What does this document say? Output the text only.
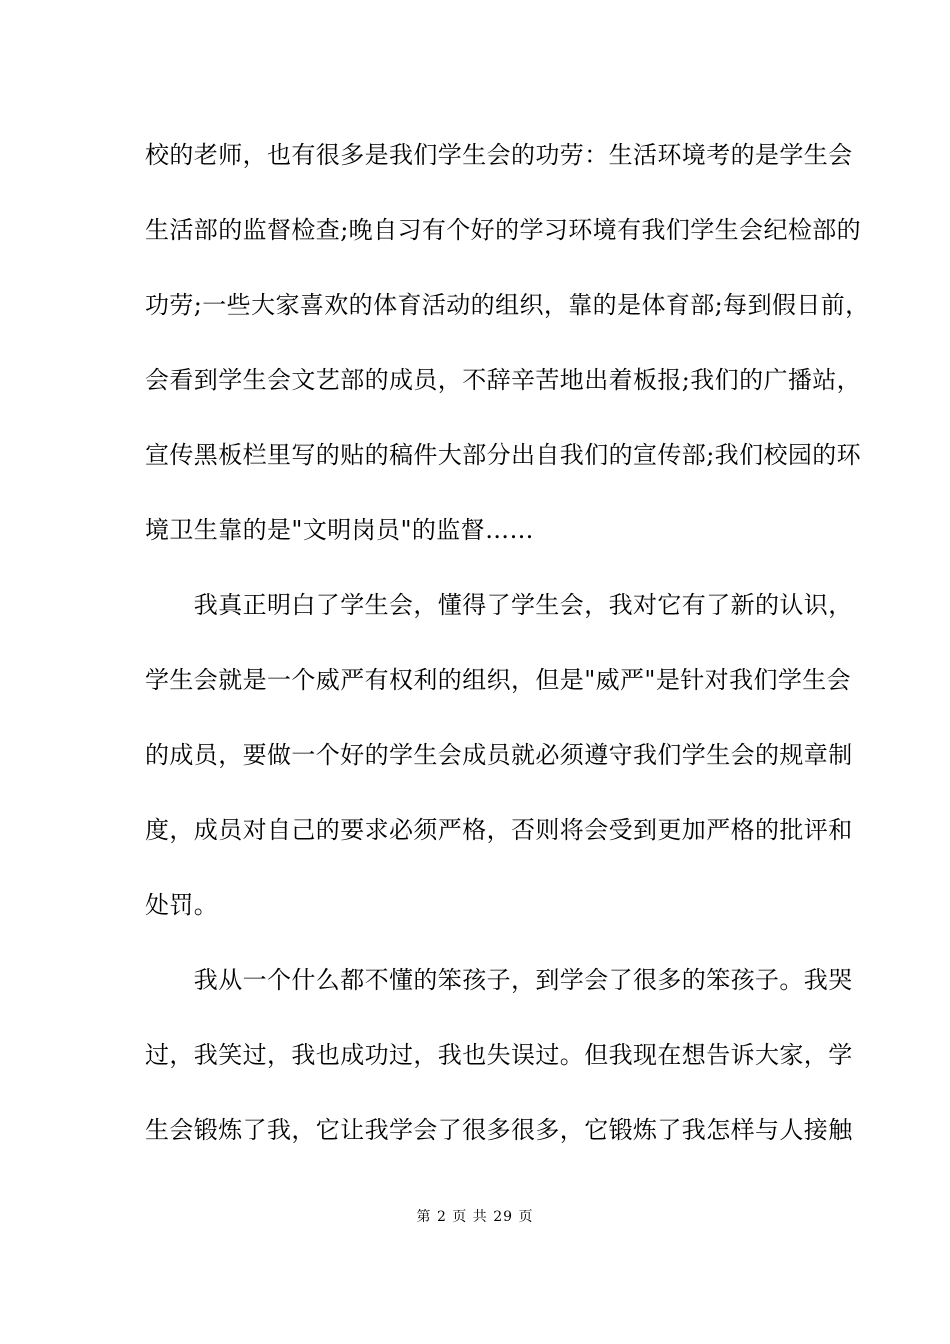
校的老师，也有很多是我们学生会的功劳：生活环境考的是学生会
生活部的监督检查;晚自习有个好的学习环境有我们学生会纪检部的
功劳;一些大家喜欢的体育活动的组织，靠的是体育部;每到假日前，
会看到学生会文艺部的成员，不辞辛苦地出着板报;我们的广播站，
宣传黑板栏里写的贴的稿件大部分出自我们的宣传部;我们校园的环
境卫生靠的是"文明岗员"的监督……
　　我真正明白了学生会，懂得了学生会，我对它有了新的认识，
学生会就是一个威严有权利的组织，但是"威严"是针对我们学生会
的成员，要做一个好的学生会成员就必须遵守我们学生会的规章制
度，成员对自己的要求必须严格，否则将会受到更加严格的批评和
处罚。
　　我从一个什么都不懂的笨孩子，到学会了很多的笨孩子。我哭
过，我笑过，我也成功过，我也失误过。但我现在想告诉大家，学
生会锻炼了我，它让我学会了很多很多，它锻炼了我怎样与人接触
第 2 页 共 29 页
